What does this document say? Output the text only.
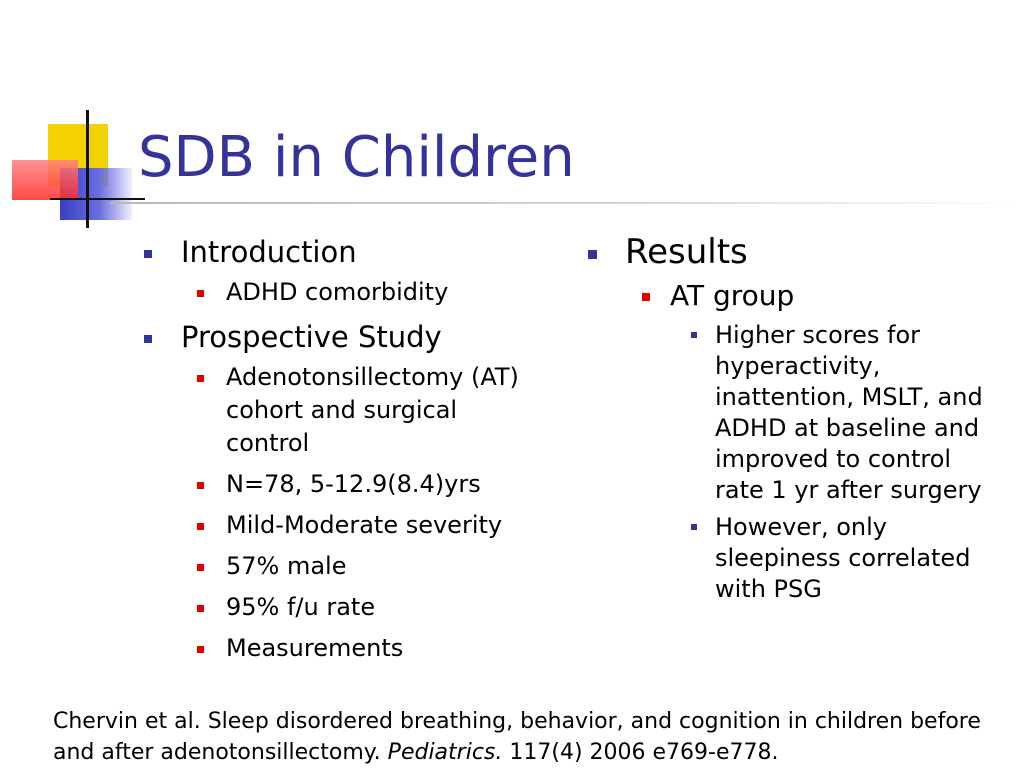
SDB in Children
Introduction
ADHD comorbidity
Prospective Study
Adenotonsillectomy (AT) cohort and surgical control
N=78, 5-12.9(8.4)yrs
Mild-Moderate severity
57% male
95% f/u rate
Measurements
Results
AT group
Higher scores for hyperactivity, inattention, MSLT, and ADHD at baseline and improved to control rate 1 yr after surgery
However, only sleepiness correlated with PSG
Chervin et al. Sleep disordered breathing, behavior, and cognition in children before and after adenotonsillectomy. Pediatrics. 117(4) 2006 e769-e778.
